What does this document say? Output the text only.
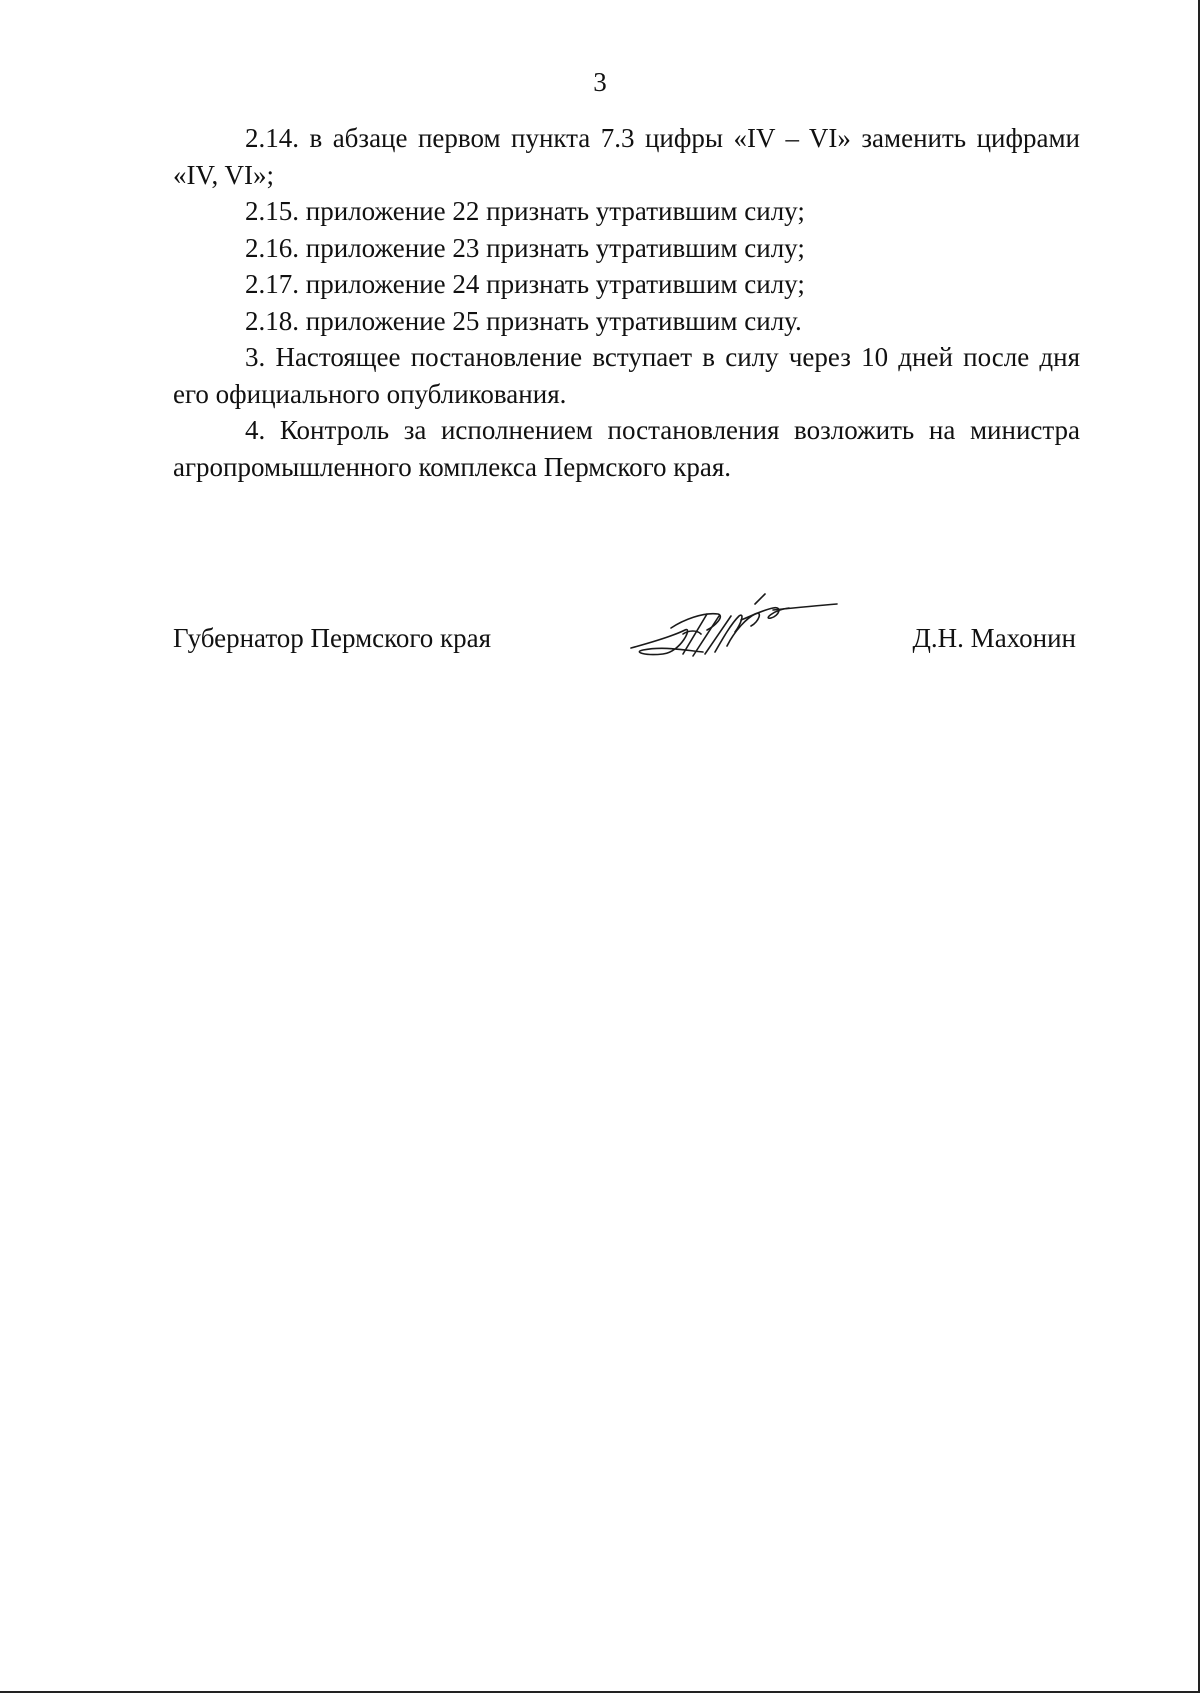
3

2.14. в абзаце первом пункта 7.3 цифры «IV – VI» заменить цифрами «IV, VI»;

2.15. приложение 22 признать утратившим силу;

2.16. приложение 23 признать утратившим силу;

2.17. приложение 24 признать утратившим силу;

2.18. приложение 25 признать утратившим силу.

3. Настоящее постановление вступает в силу через 10 дней после дня его официального опубликования.

4. Контроль за исполнением постановления возложить на министра агропромышленного комплекса Пермского края.

Губернатор Пермского края	Д.Н. Махонин
